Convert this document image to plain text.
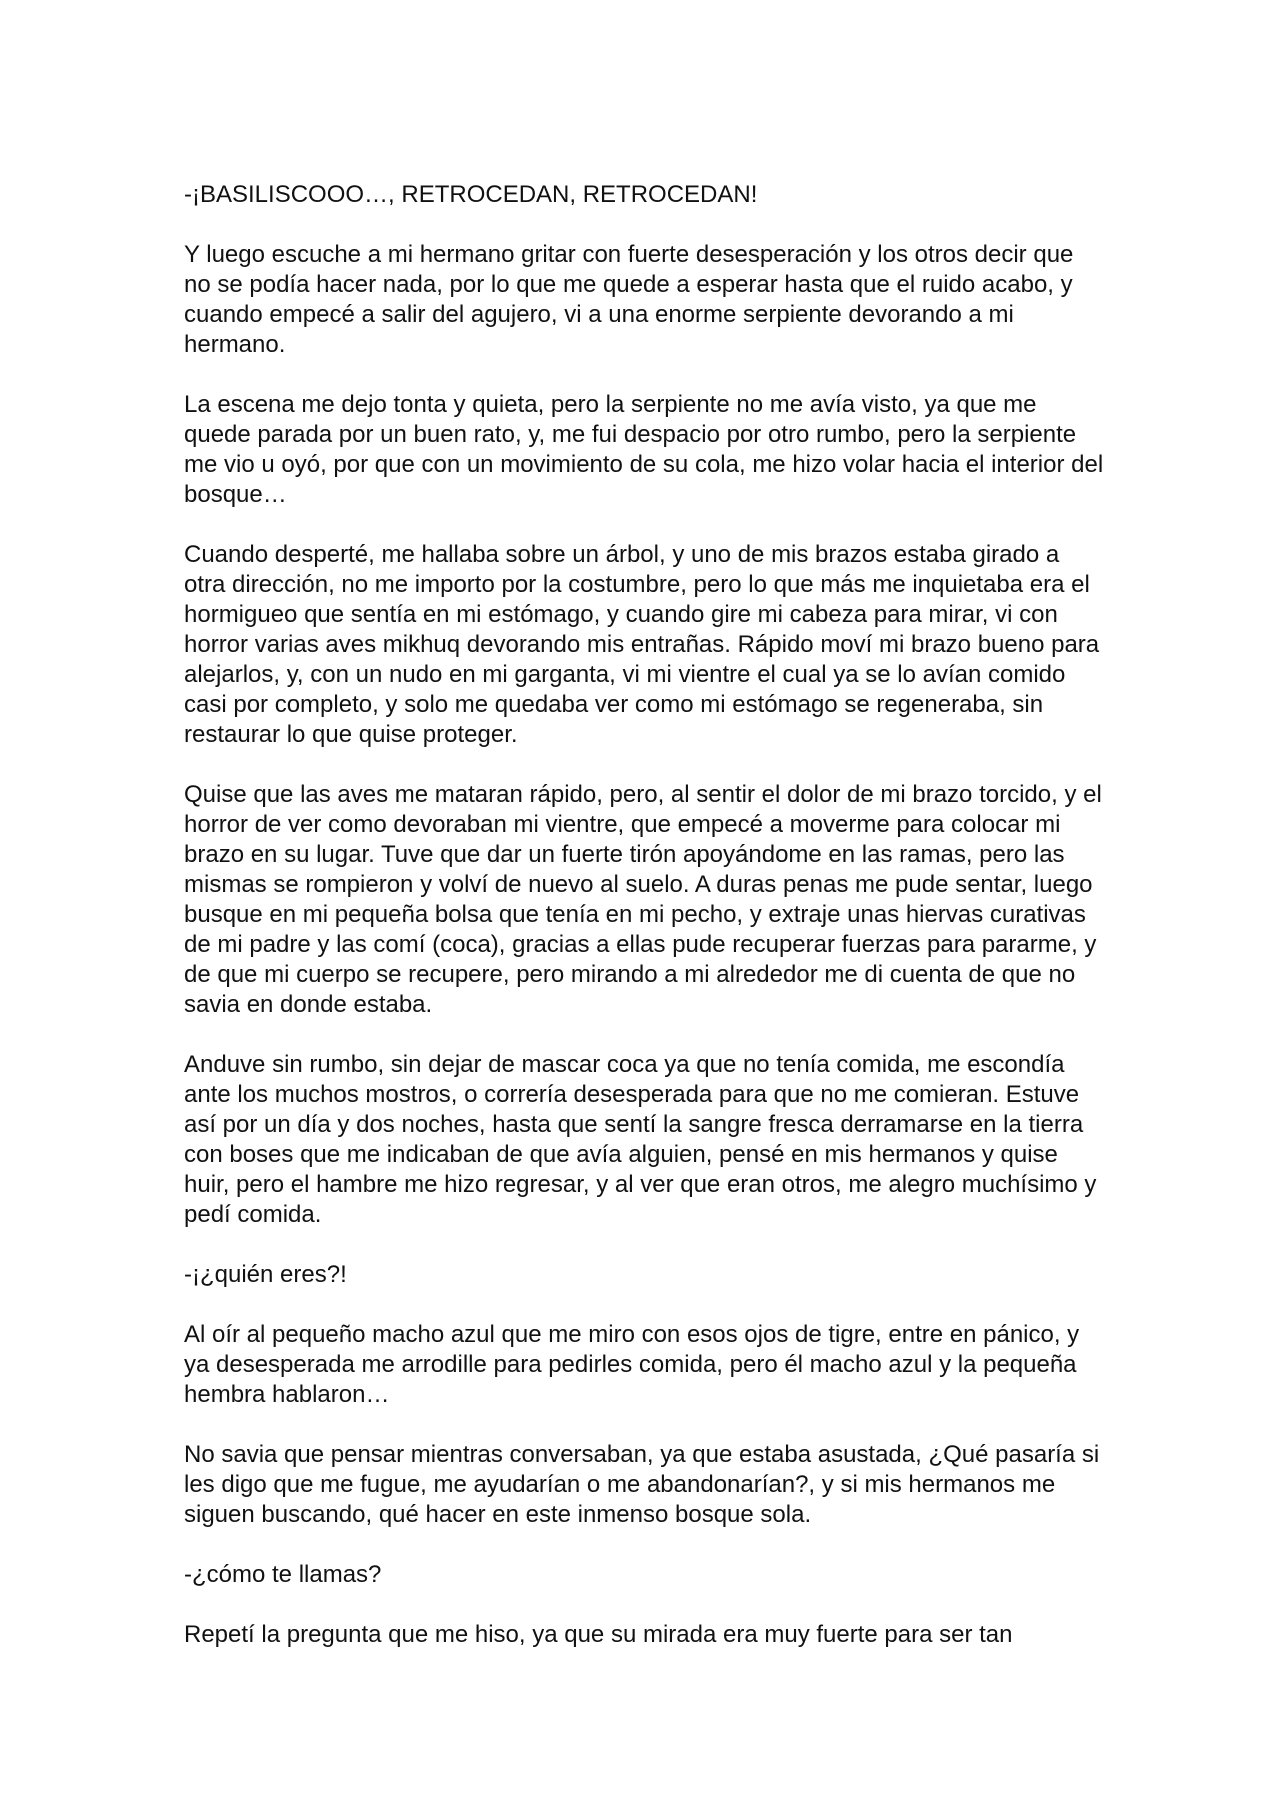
-¡BASILISCOOO…, RETROCEDAN, RETROCEDAN!

Y luego escuche a mi hermano gritar con fuerte desesperación y los otros decir que no se podía hacer nada, por lo que me quede a esperar hasta que el ruido acabo, y cuando empecé a salir del agujero, vi a una enorme serpiente devorando a mi hermano.

La escena me dejo tonta y quieta, pero la serpiente no me avía visto, ya que me quede parada por un buen rato, y, me fui despacio por otro rumbo, pero la serpiente me vio u oyó, por que con un movimiento de su cola, me hizo volar hacia el interior del bosque…

Cuando desperté, me hallaba sobre un árbol, y uno de mis brazos estaba girado a otra dirección, no me importo por la costumbre, pero lo que más me inquietaba era el hormigueo que sentía en mi estómago, y cuando gire mi cabeza para mirar, vi con horror varias aves mikhuq devorando mis entrañas. Rápido moví mi brazo bueno para alejarlos, y, con un nudo en mi garganta, vi mi vientre el cual ya se lo avían comido casi por completo, y solo me quedaba ver como mi estómago se regeneraba, sin restaurar lo que quise proteger.

Quise que las aves me mataran rápido, pero, al sentir el dolor de mi brazo torcido, y el horror de ver como devoraban mi vientre, que empecé a moverme para colocar mi brazo en su lugar. Tuve que dar un fuerte tirón apoyándome en las ramas, pero las mismas se rompieron y volví de nuevo al suelo. A duras penas me pude sentar, luego busque en mi pequeña bolsa que tenía en mi pecho, y extraje unas hiervas curativas de mi padre y las comí (coca), gracias a ellas pude recuperar fuerzas para pararme, y de que mi cuerpo se recupere, pero mirando a mi alrededor me di cuenta de que no savia en donde estaba.

Anduve sin rumbo, sin dejar de mascar coca ya que no tenía comida, me escondía ante los muchos mostros, o correría desesperada para que no me comieran. Estuve así por un día y dos noches, hasta que sentí la sangre fresca derramarse en la tierra con boses que me indicaban de que avía alguien, pensé en mis hermanos y quise huir, pero el hambre me hizo regresar, y al ver que eran otros, me alegro muchísimo y pedí comida.

-¡¿quién eres?!

Al oír al pequeño macho azul que me miro con esos ojos de tigre, entre en pánico, y ya desesperada me arrodille para pedirles comida, pero él macho azul y la pequeña hembra hablaron…

No savia que pensar mientras conversaban, ya que estaba asustada, ¿Qué pasaría si les digo que me fugue, me ayudarían o me abandonarían?, y si mis hermanos me siguen buscando, qué hacer en este inmenso bosque sola.

-¿cómo te llamas?

Repetí la pregunta que me hiso, ya que su mirada era muy fuerte para ser tan
